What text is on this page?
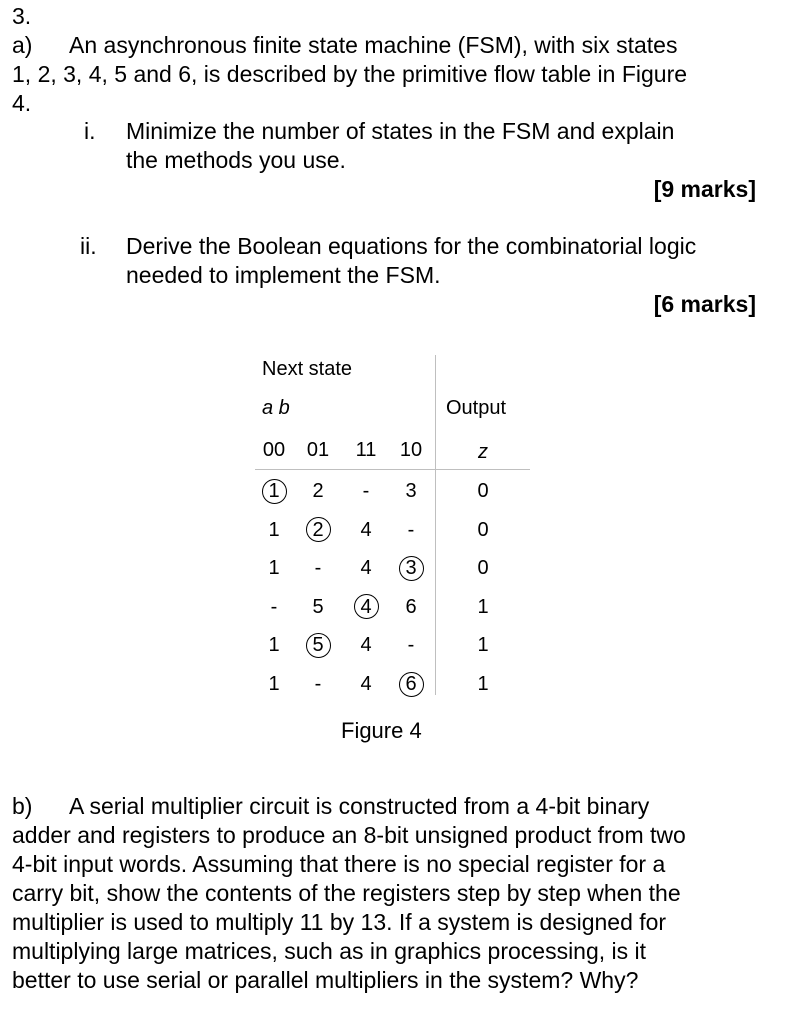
3.
a) An asynchronous finite state machine (FSM), with six states
1, 2, 3, 4, 5 and 6, is described by the primitive flow table in Figure
4.
i. Minimize the number of states in the FSM and explain
the methods you use.
[9 marks]
ii. Derive the Boolean equations for the combinatorial logic
needed to implement the FSM.
[6 marks]
Next state
a b	Output
00	01	11	10	z
1	2	-	3	0
1	2	4	-	0
1	-	4	3	0
-	5	4	6	1
1	5	4	-	1
1	-	4	6	1
Figure 4
b) A serial multiplier circuit is constructed from a 4-bit binary
adder and registers to produce an 8-bit unsigned product from two
4-bit input words. Assuming that there is no special register for a
carry bit, show the contents of the registers step by step when the
multiplier is used to multiply 11 by 13. If a system is designed for
multiplying large matrices, such as in graphics processing, is it
better to use serial or parallel multipliers in the system? Why?
